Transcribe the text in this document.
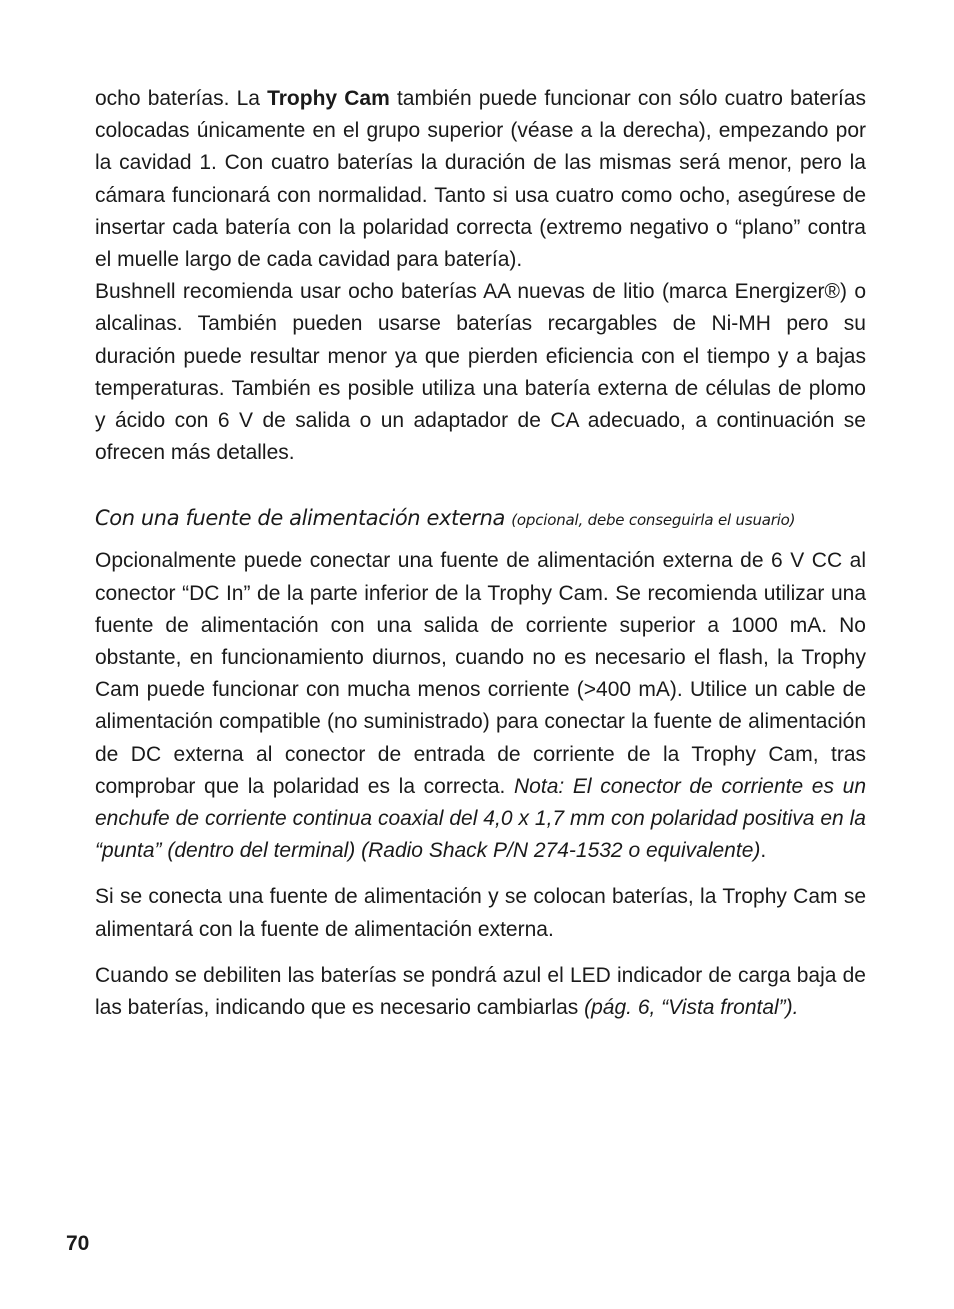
ocho baterías. La Trophy Cam también puede funcionar con sólo cuatro baterías colocadas únicamente en el grupo superior (véase a la derecha), empezando por la cavidad 1. Con cuatro baterías la duración de las mismas será menor, pero la cámara funcionará con normalidad. Tanto si usa cuatro como ocho, asegúrese de insertar cada batería con la polaridad correcta (extremo negativo o “plano” contra el muelle largo de cada cavidad para batería).

Bushnell recomienda usar ocho baterías AA nuevas de litio (marca Energizer®) o alcalinas. También pueden usarse baterías recargables de Ni-MH pero su duración puede resultar menor ya que pierden eficiencia con el tiempo y a bajas temperaturas. También es posible utiliza una batería externa de células de plomo y ácido con 6 V de salida o un adaptador de CA adecuado, a continuación se ofrecen más detalles.

Con una fuente de alimentación externa (opcional, debe conseguirla el usuario)

Opcionalmente puede conectar una fuente de alimentación externa de 6 V CC al conector “DC In” de la parte inferior de la Trophy Cam. Se recomienda utilizar una fuente de alimentación con una salida de corriente superior a 1000 mA. No obstante, en funcionamiento diurnos, cuando no es necesario el flash, la Trophy Cam puede funcionar con mucha menos corriente (>400 mA). Utilice un cable de alimentación compatible (no suministrado) para conectar la fuente de alimentación de DC externa al conector de entrada de corriente de la Trophy Cam, tras comprobar que la polaridad es la correcta. Nota: El conector de corriente es un enchufe de corriente continua coaxial del 4,0 x 1,7 mm con polaridad positiva en la “punta” (dentro del terminal) (Radio Shack P/N 274-1532 o equivalente).

Si se conecta una fuente de alimentación y se colocan baterías, la Trophy Cam se alimentará con la fuente de alimentación externa.

Cuando se debiliten las baterías se pondrá azul el LED indicador de carga baja de las baterías, indicando que es necesario cambiarlas (pág. 6, “Vista frontal”).

70
